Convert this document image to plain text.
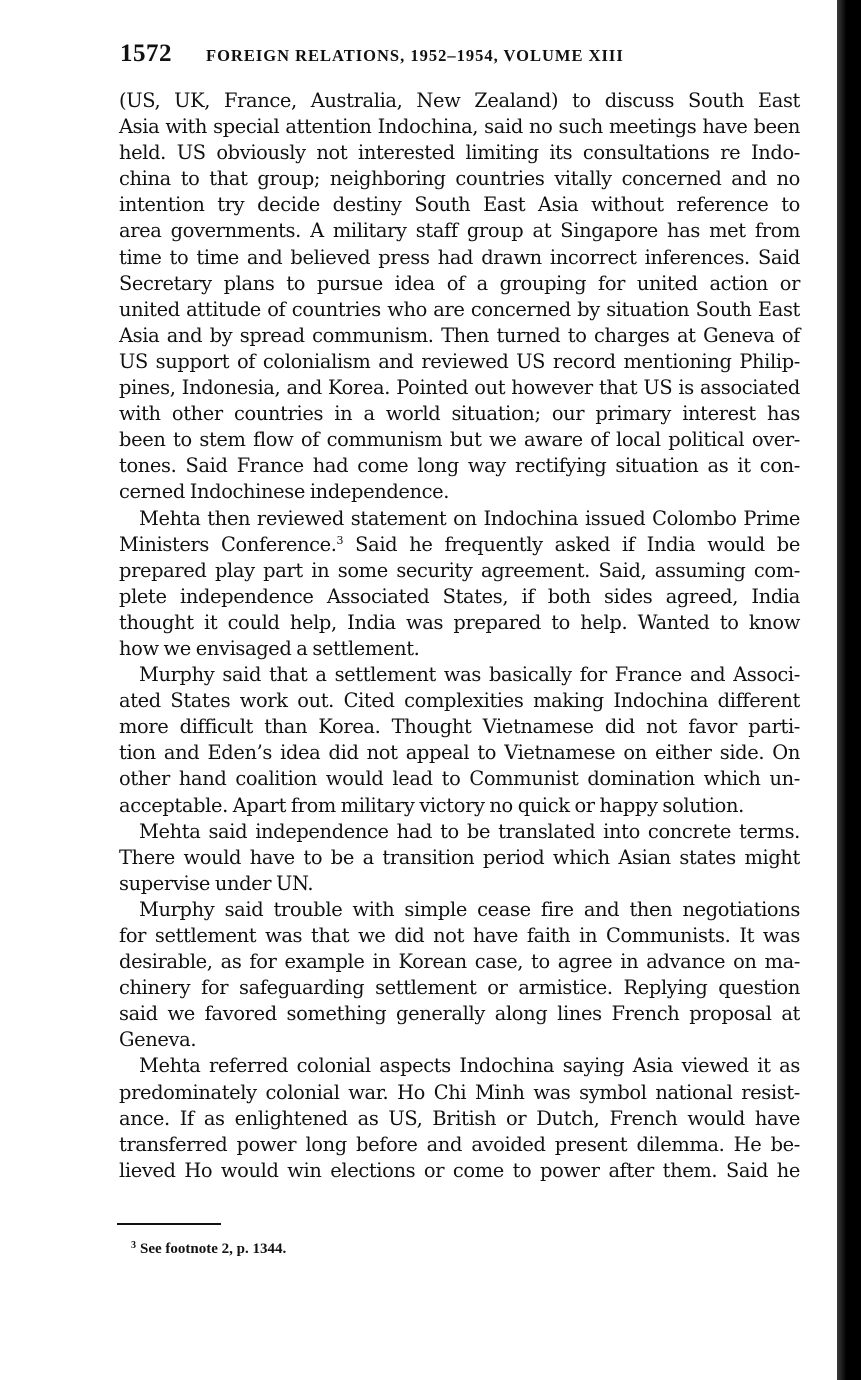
1572 FOREIGN RELATIONS, 1952–1954, VOLUME XIII

(US, UK, France, Australia, New Zealand) to discuss South East
Asia with special attention Indochina, said no such meetings have been
held. US obviously not interested limiting its consultations re Indo-
china to that group; neighboring countries vitally concerned and no
intention try decide destiny South East Asia without reference to
area governments. A military staff group at Singapore has met from
time to time and believed press had drawn incorrect inferences. Said
Secretary plans to pursue idea of a grouping for united action or
united attitude of countries who are concerned by situation South East
Asia and by spread communism. Then turned to charges at Geneva of
US support of colonialism and reviewed US record mentioning Philip-
pines, Indonesia, and Korea. Pointed out however that US is associated
with other countries in a world situation; our primary interest has
been to stem flow of communism but we aware of local political over-
tones. Said France had come long way rectifying situation as it con-
cerned Indochinese independence.

Mehta then reviewed statement on Indochina issued Colombo Prime
Ministers Conference.$^3$ Said he frequently asked if India would be
prepared play part in some security agreement. Said, assuming com-
plete independence Associated States, if both sides agreed, India
thought it could help, India was prepared to help. Wanted to know
how we envisaged a settlement.

Murphy said that a settlement was basically for France and Associ-
ated States work out. Cited complexities making Indochina different
more difficult than Korea. Thought Vietnamese did not favor parti-
tion and Eden’s idea did not appeal to Vietnamese on either side. On
other hand coalition would lead to Communist domination which un-
acceptable. Apart from military victory no quick or happy solution.

Mehta said independence had to be translated into concrete terms.
There would have to be a transition period which Asian states might
supervise under UN.

Murphy said trouble with simple cease fire and then negotiations
for settlement was that we did not have faith in Communists. It was
desirable, as for example in Korean case, to agree in advance on ma-
chinery for safeguarding settlement or armistice. Replying question
said we favored something generally along lines French proposal at
Geneva.

Mehta referred colonial aspects Indochina saying Asia viewed it as
predominately colonial war. Ho Chi Minh was symbol national resist-
ance. If as enlightened as US, British or Dutch, French would have
transferred power long before and avoided present dilemma. He be-
lieved Ho would win elections or come to power after them. Said he

$^3$ See footnote 2, p. 1344.
